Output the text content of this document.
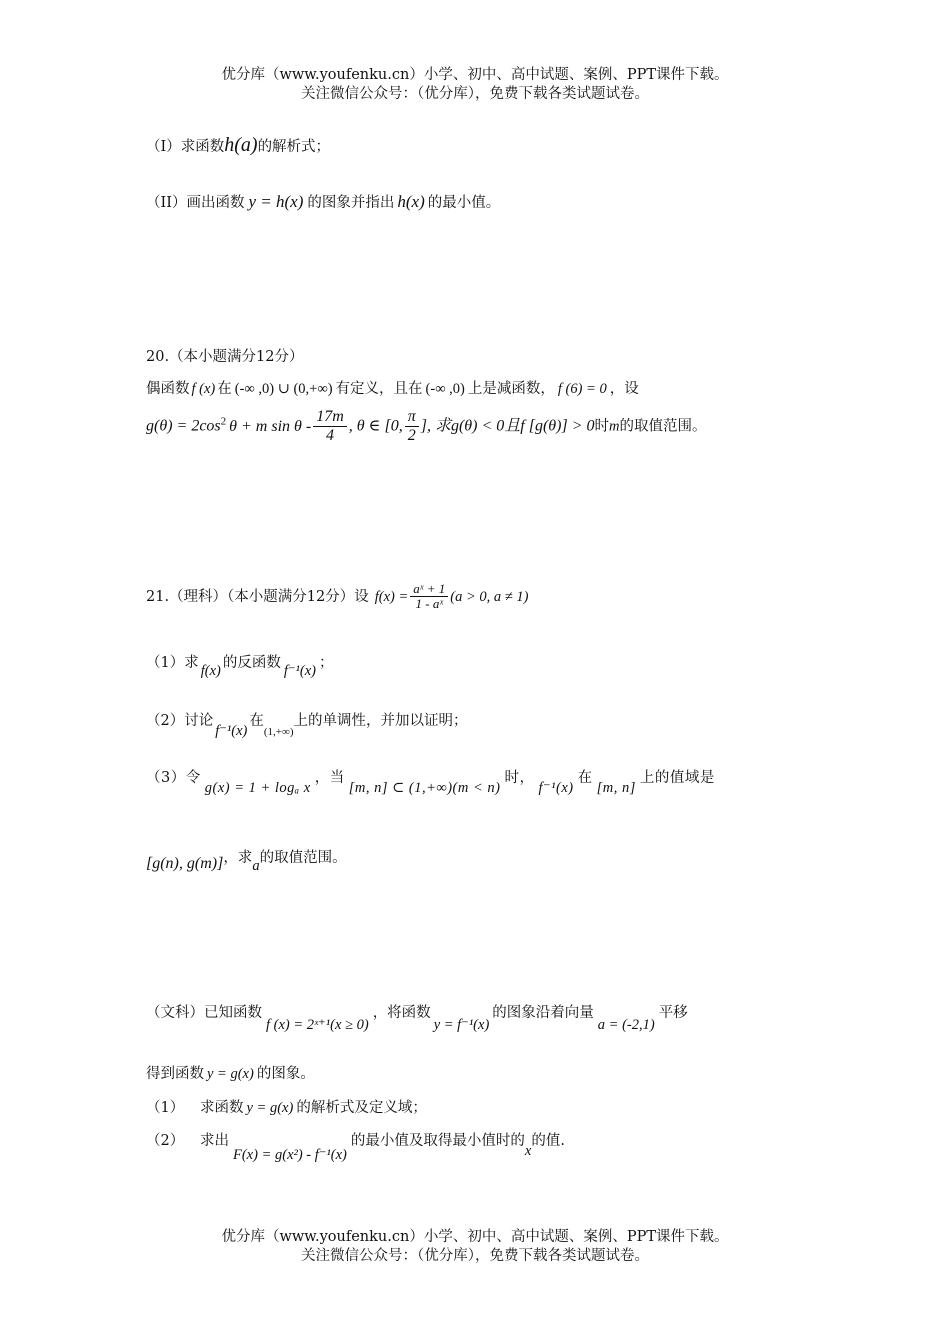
优分库（www.youfenku.cn）小学、初中、高中试题、案例、PPT课件下载。
关注微信公众号：（优分库），免费下载各类试题试卷。
（I）求函数h(a)的解析式；
（II）画出函数 y = h(x) 的图象并指出 h(x) 的最小值。
20.（本小题满分12分）
偶函数 f (x) 在 (-∞ ,0) ∪ (0,+∞) 有定义，且在 (-∞ ,0) 上是减函数， f (6) = 0 ，设
$g(\theta) = 2\cos^2$ θ + m sin θ - $\frac{17m}{4}$ , θ ∈ [0, $\frac{\pi}{2}$ ], 求g(θ) < 0且f [g(θ)] > 0时m的取值范围。
21.（理科）（本小题满分12分）设 $f(x) = \frac{\text{aˣ + 1}}{\text{1 - aˣ}} (a > 0$, a ≠ 1)
（1）求 f(x) 的反函数 f⁻¹(x) ；
（2）讨论f⁻¹(x)在$_{(1,+\infty)}$上的单调性，并加以证明；
（3）令g(x) = 1 + logₐ x，当[m, n] ⊂ (1,+∞)(m < n)时，f⁻¹(x)在[m, n]上的值域是
[g(n), g(m)]，求a的取值范围。
（文科）已知函数f (x) = 2ˣ⁺¹(x ≥ 0)，将函数y = f⁻¹(x)的图象沿着向量a = (-2,1)平移
得到函数 y = g(x) 的图象。
（1） 求函数 y = g(x) 的解析式及定义域；
（2） 求出F(x) = g(x²) - f⁻¹(x)的最小值及取得最小值时的x的值.
优分库（www.youfenku.cn）小学、初中、高中试题、案例、PPT课件下载。
关注微信公众号：（优分库），免费下载各类试题试卷。
